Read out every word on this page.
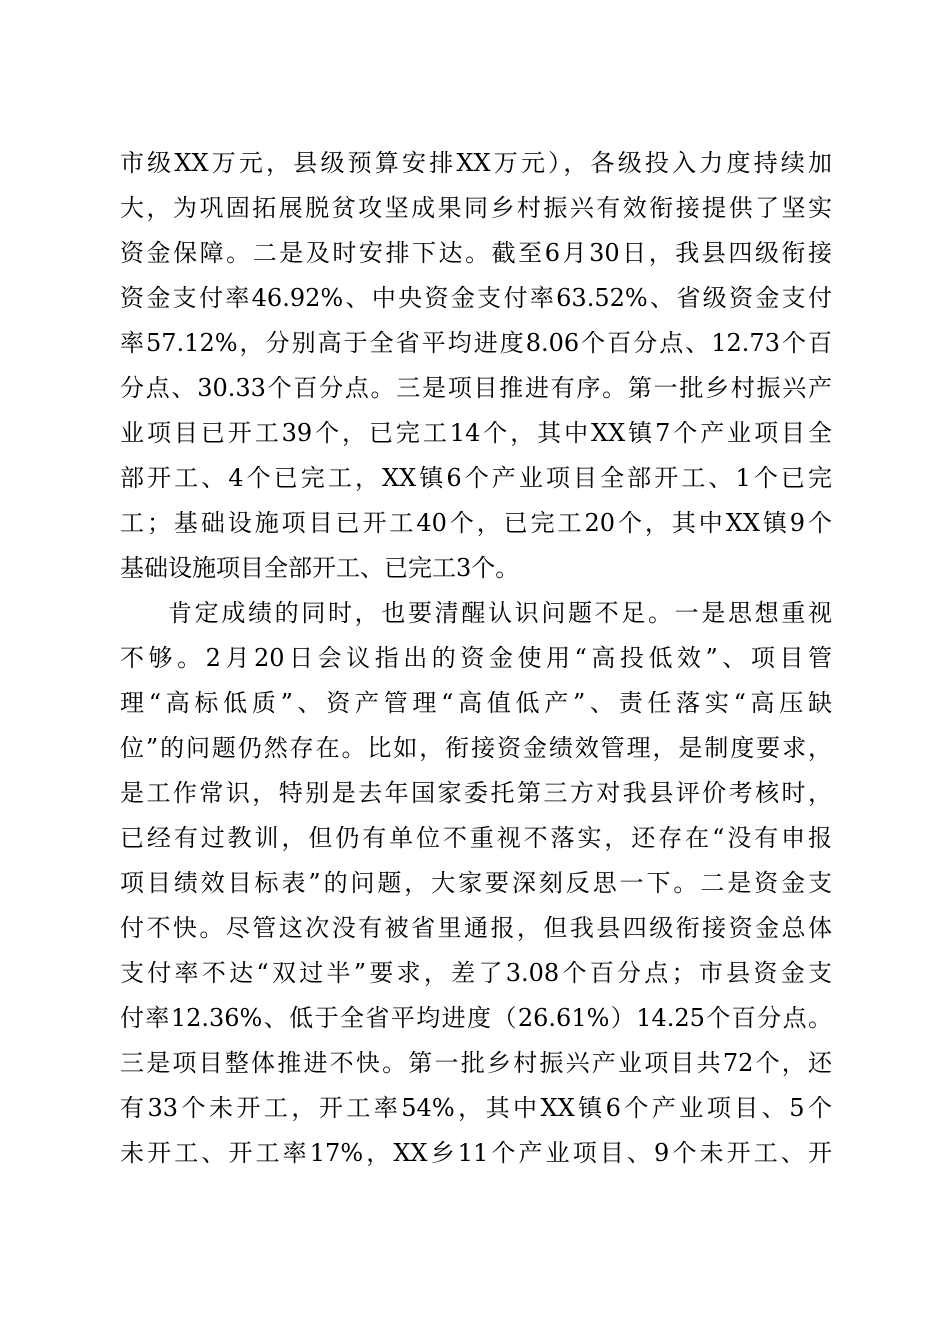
市级XX万元，县级预算安排XX万元），各级投入力度持续加
大，为巩固拓展脱贫攻坚成果同乡村振兴有效衔接提供了坚实
资金保障。二是及时安排下达。截至6月30日，我县四级衔接
资金支付率46.92%、中央资金支付率63.52%、省级资金支付
率57.12%，分别高于全省平均进度8.06个百分点、12.73个百
分点、30.33个百分点。三是项目推进有序。第一批乡村振兴产
业项目已开工39个，已完工14个，其中XX镇7个产业项目全
部开工、4个已完工，XX镇6个产业项目全部开工、1个已完
工；基础设施项目已开工40个，已完工20个，其中XX镇9个
基础设施项目全部开工、已完工3个。
肯定成绩的同时，也要清醒认识问题不足。一是思想重视
不够。2月20日会议指出的资金使用“高投低效”、项目管
理“高标低质”、资产管理“高值低产”、责任落实“高压缺
位”的问题仍然存在。比如，衔接资金绩效管理，是制度要求，
是工作常识，特别是去年国家委托第三方对我县评价考核时，
已经有过教训，但仍有单位不重视不落实，还存在“没有申报
项目绩效目标表”的问题，大家要深刻反思一下。二是资金支
付不快。尽管这次没有被省里通报，但我县四级衔接资金总体
支付率不达“双过半”要求，差了3.08个百分点；市县资金支
付率12.36%、低于全省平均进度（26.61%）14.25个百分点。
三是项目整体推进不快。第一批乡村振兴产业项目共72个，还
有33个未开工，开工率54%，其中XX镇6个产业项目、5个
未开工、开工率17%，XX乡11个产业项目、9个未开工、开
